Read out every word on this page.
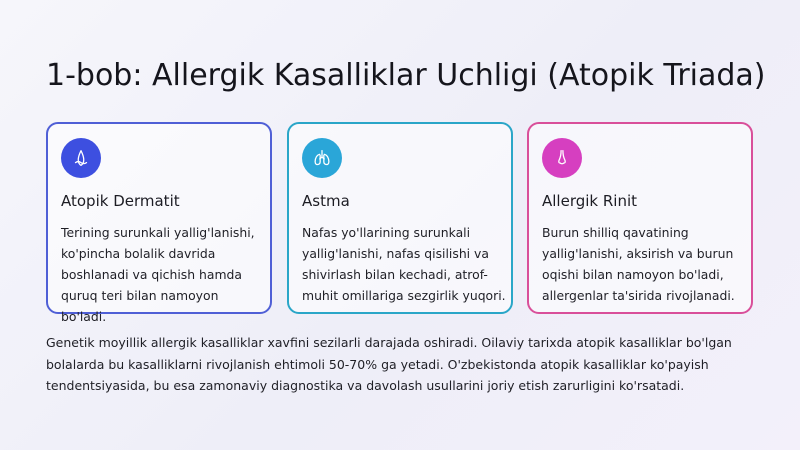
1-bob: Allergik Kasalliklar Uchligi (Atopik Triada)
Atopik Dermatit
Terining surunkali yallig'lanishi, ko'pincha bolalik davrida boshlanadi va qichish hamda quruq teri bilan namoyon bo'ladi.
Astma
Nafas yo'llarining surunkali yallig'lanishi, nafas qisilishi va shivirlash bilan kechadi, atrof-muhit omillariga sezgirlik yuqori.
Allergik Rinit
Burun shilliq qavatining yallig'lanishi, aksirish va burun oqishi bilan namoyon bo'ladi, allergenlar ta'sirida rivojlanadi.
Genetik moyillik allergik kasalliklar xavfini sezilarli darajada oshiradi. Oilaviy tarixda atopik kasalliklar bo'lgan bolalarda bu kasalliklarni rivojlanish ehtimoli 50-70% ga yetadi. O'zbekistonda atopik kasalliklar ko'payish tendentsiyasida, bu esa zamonaviy diagnostika va davolash usullarini joriy etish zarurligini ko'rsatadi.
